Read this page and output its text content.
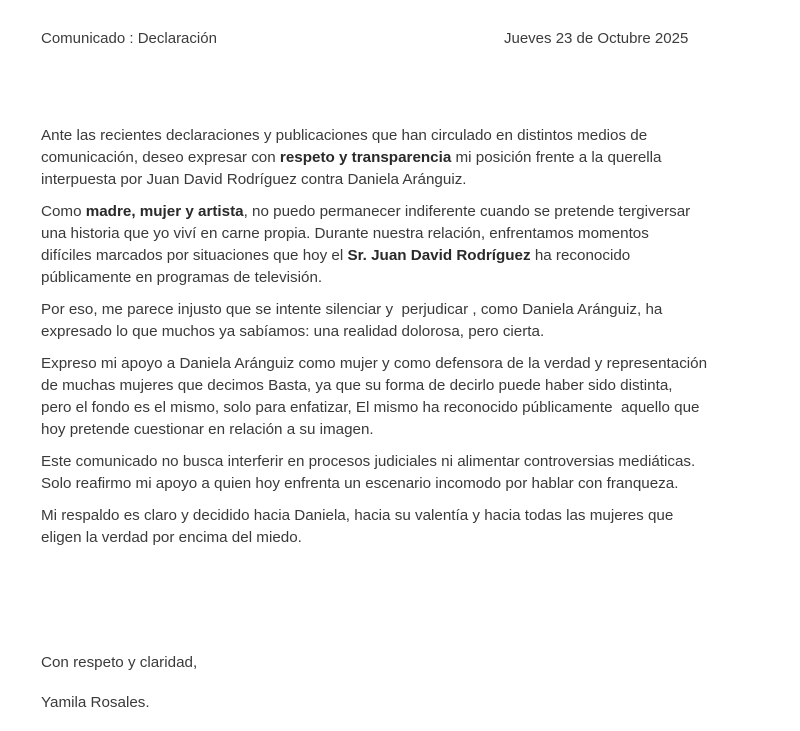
Comunicado : Declaración	Jueves 23 de Octubre 2025

Ante las recientes declaraciones y publicaciones que han circulado en distintos medios de
comunicación, deseo expresar con respeto y transparencia mi posición frente a la querella
interpuesta por Juan David Rodríguez contra Daniela Aránguiz.

Como madre, mujer y artista, no puedo permanecer indiferente cuando se pretende tergiversar
una historia que yo viví en carne propia. Durante nuestra relación, enfrentamos momentos
difíciles marcados por situaciones que hoy el Sr. Juan David Rodríguez ha reconocido
públicamente en programas de televisión.

Por eso, me parece injusto que se intente silenciar y  perjudicar , como Daniela Aránguiz, ha
expresado lo que muchos ya sabíamos: una realidad dolorosa, pero cierta.

Expreso mi apoyo a Daniela Aránguiz como mujer y como defensora de la verdad y representación
de muchas mujeres que decimos Basta, ya que su forma de decirlo puede haber sido distinta,
pero el fondo es el mismo, solo para enfatizar, El mismo ha reconocido públicamente  aquello que
hoy pretende cuestionar en relación a su imagen.

Este comunicado no busca interferir en procesos judiciales ni alimentar controversias mediáticas.
Solo reafirmo mi apoyo a quien hoy enfrenta un escenario incomodo por hablar con franqueza.

Mi respaldo es claro y decidido hacia Daniela, hacia su valentía y hacia todas las mujeres que
eligen la verdad por encima del miedo.

Con respeto y claridad,
Yamila Rosales.
